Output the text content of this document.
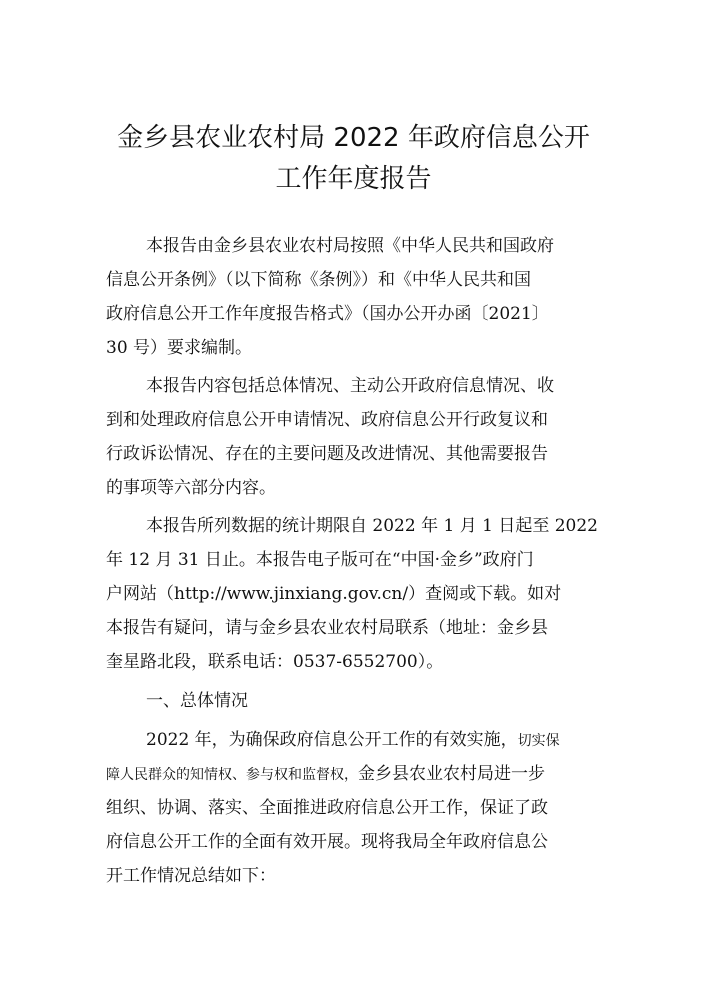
金乡县农业农村局 2022 年政府信息公开
工作年度报告
本报告由金乡县农业农村局按照《中华人民共和国政府
信息公开条例》（以下简称《条例》）和《中华人民共和国
政府信息公开工作年度报告格式》（国办公开办函〔2021〕
30 号）要求编制。
本报告内容包括总体情况、主动公开政府信息情况、收
到和处理政府信息公开申请情况、政府信息公开行政复议和
行政诉讼情况、存在的主要问题及改进情况、其他需要报告
的事项等六部分内容。
本报告所列数据的统计期限自 2022 年 1 月 1 日起至 2022
年 12 月 31 日止。本报告电子版可在“中国·金乡”政府门
户网站（http://www.jinxiang.gov.cn/）查阅或下载。如对
本报告有疑问，请与金乡县农业农村局联系（地址：金乡县
奎星路北段，联系电话：0537-6552700）。
一、总体情况
2022 年，为确保政府信息公开工作的有效实施，切实保
障人民群众的知情权、参与权和监督权，金乡县农业农村局进一步
组织、协调、落实、全面推进政府信息公开工作，保证了政
府信息公开工作的全面有效开展。现将我局全年政府信息公
开工作情况总结如下：
